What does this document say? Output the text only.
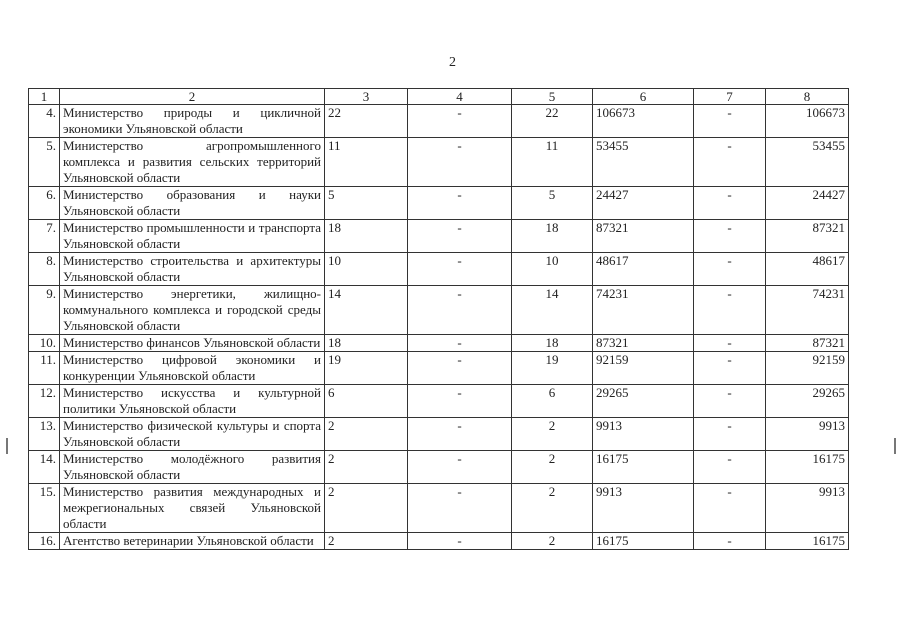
2
1	2	3	4	5	6	7	8
4.	Министерство природы и цикличной экономики Ульяновской области	22	-	22	106673	-	106673
5.	Министерство агропромышленного комплекса и развития сельских территорий Ульяновской области	11	-	11	53455	-	53455
6.	Министерство образования и науки Ульяновской области	5	-	5	24427	-	24427
7.	Министерство промышленности и транспорта Ульяновской области	18	-	18	87321	-	87321
8.	Министерство строительства и архитектуры Ульяновской области	10	-	10	48617	-	48617
9.	Министерство энергетики, жилищно-коммунального комплекса и городской среды Ульяновской области	14	-	14	74231	-	74231
10.	Министерство финансов Ульяновской области	18	-	18	87321	-	87321
11.	Министерство цифровой экономики и конкуренции Ульяновской области	19	-	19	92159	-	92159
12.	Министерство искусства и культурной политики Ульяновской области	6	-	6	29265	-	29265
13.	Министерство физической культуры и спорта Ульяновской области	2	-	2	9913	-	9913
14.	Министерство молодёжного развития Ульяновской области	2	-	2	16175	-	16175
15.	Министерство развития международных и межрегиональных связей Ульяновской области	2	-	2	9913	-	9913
16.	Агентство ветеринарии Ульяновской области	2	-	2	16175	-	16175
